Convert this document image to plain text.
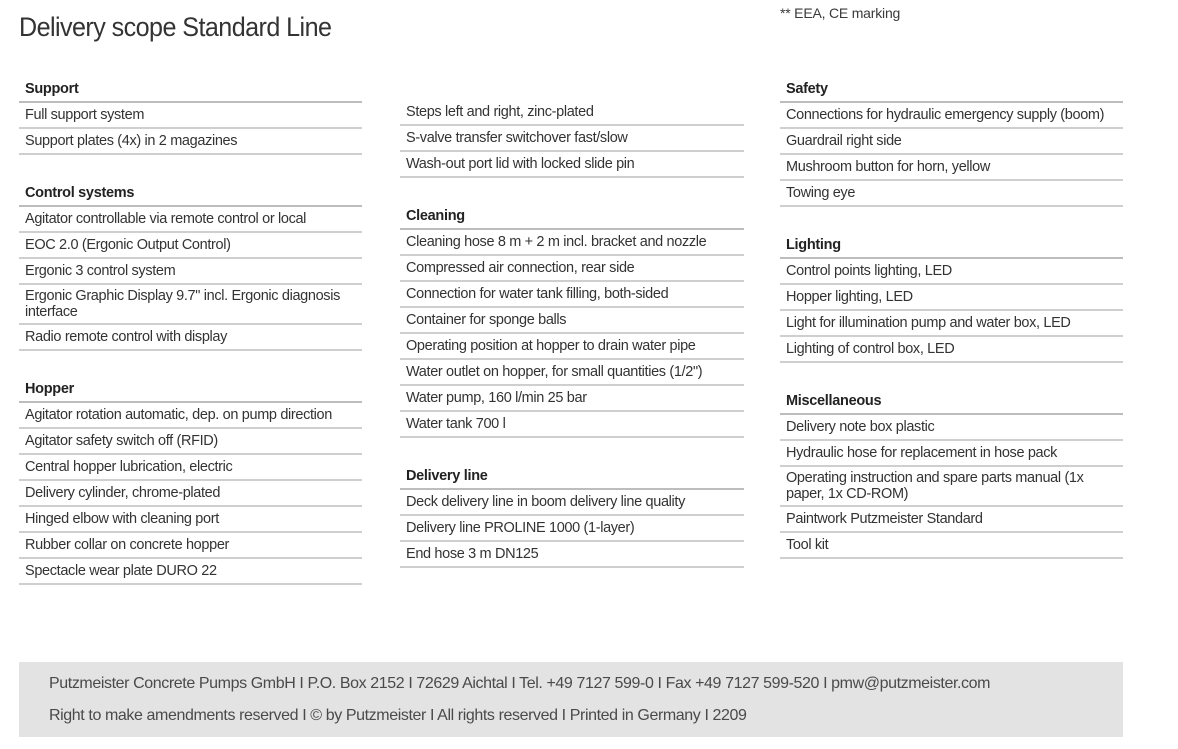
** EEA, CE marking
Delivery scope Standard Line
Support
Full support system
Support plates (4x) in 2 magazines
Control systems
Agitator controllable via remote control or local
EOC 2.0 (Ergonic Output Control)
Ergonic 3 control system
Ergonic Graphic Display 9.7" incl. Ergonic diagnosis interface
Radio remote control with display
Hopper
Agitator rotation automatic, dep. on pump direction
Agitator safety switch off (RFID)
Central hopper lubrication, electric
Delivery cylinder, chrome-plated
Hinged elbow with cleaning port
Rubber collar on concrete hopper
Spectacle wear plate DURO 22
Steps left and right, zinc-plated
S-valve transfer switchover fast/slow
Wash-out port lid with locked slide pin
Cleaning
Cleaning hose 8 m + 2 m incl. bracket and nozzle
Compressed air connection, rear side
Connection for water tank filling, both-sided
Container for sponge balls
Operating position at hopper to drain water pipe
Water outlet on hopper, for small quantities (1/2")
Water pump, 160 l/min 25 bar
Water tank 700 l
Delivery line
Deck delivery line in boom delivery line quality
Delivery line PROLINE 1000 (1-layer)
End hose 3 m DN125
Safety
Connections for hydraulic emergency supply (boom)
Guardrail right side
Mushroom button for horn, yellow
Towing eye
Lighting
Control points lighting, LED
Hopper lighting, LED
Light for illumination pump and water box, LED
Lighting of control box, LED
Miscellaneous
Delivery note box plastic
Hydraulic hose for replacement in hose pack
Operating instruction and spare parts manual (1x paper, 1x CD-ROM)
Paintwork Putzmeister Standard
Tool kit
Putzmeister Concrete Pumps GmbH I P.O. Box 2152 I 72629 Aichtal I Tel. +49 7127 599-0 I Fax +49 7127 599-520 I pmw@putzmeister.com
Right to make amendments reserved I © by Putzmeister I All rights reserved I Printed in Germany I 2209
